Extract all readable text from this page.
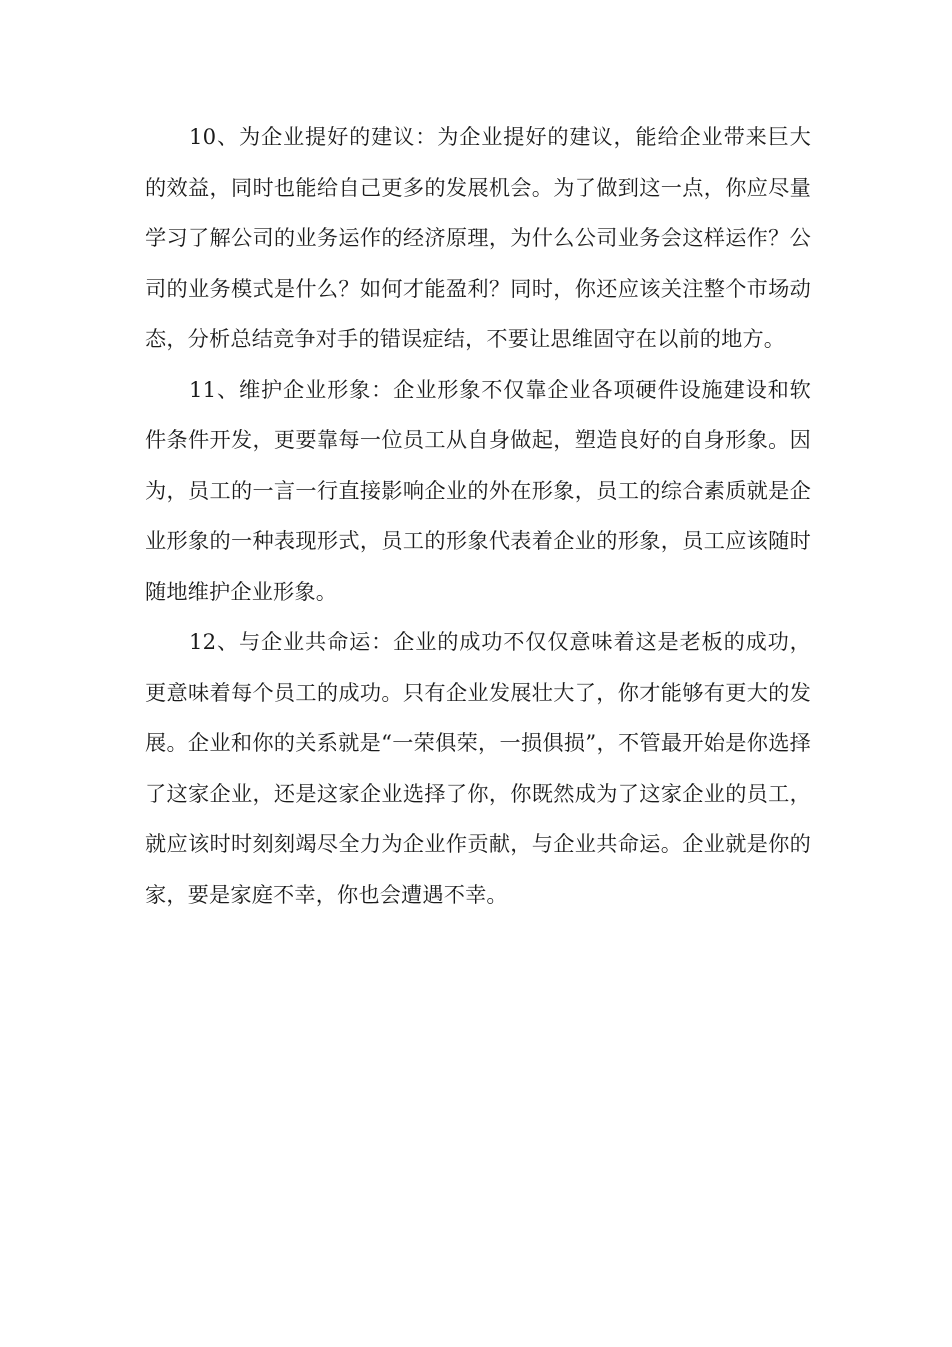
10、为企业提好的建议：为企业提好的建议，能给企业带来巨大的效益，同时也能给自己更多的发展机会。为了做到这一点，你应尽量学习了解公司的业务运作的经济原理，为什么公司业务会这样运作？公司的业务模式是什么？如何才能盈利？同时，你还应该关注整个市场动态，分析总结竞争对手的错误症结，不要让思维固守在以前的地方。

11、维护企业形象：企业形象不仅靠企业各项硬件设施建设和软件条件开发，更要靠每一位员工从自身做起，塑造良好的自身形象。因为，员工的一言一行直接影响企业的外在形象，员工的综合素质就是企业形象的一种表现形式，员工的形象代表着企业的形象，员工应该随时随地维护企业形象。

12、与企业共命运：企业的成功不仅仅意味着这是老板的成功，更意味着每个员工的成功。只有企业发展壮大了，你才能够有更大的发展。企业和你的关系就是“一荣俱荣，一损俱损”，不管最开始是你选择了这家企业，还是这家企业选择了你，你既然成为了这家企业的员工，就应该时时刻刻竭尽全力为企业作贡献，与企业共命运。企业就是你的家，要是家庭不幸，你也会遭遇不幸。
